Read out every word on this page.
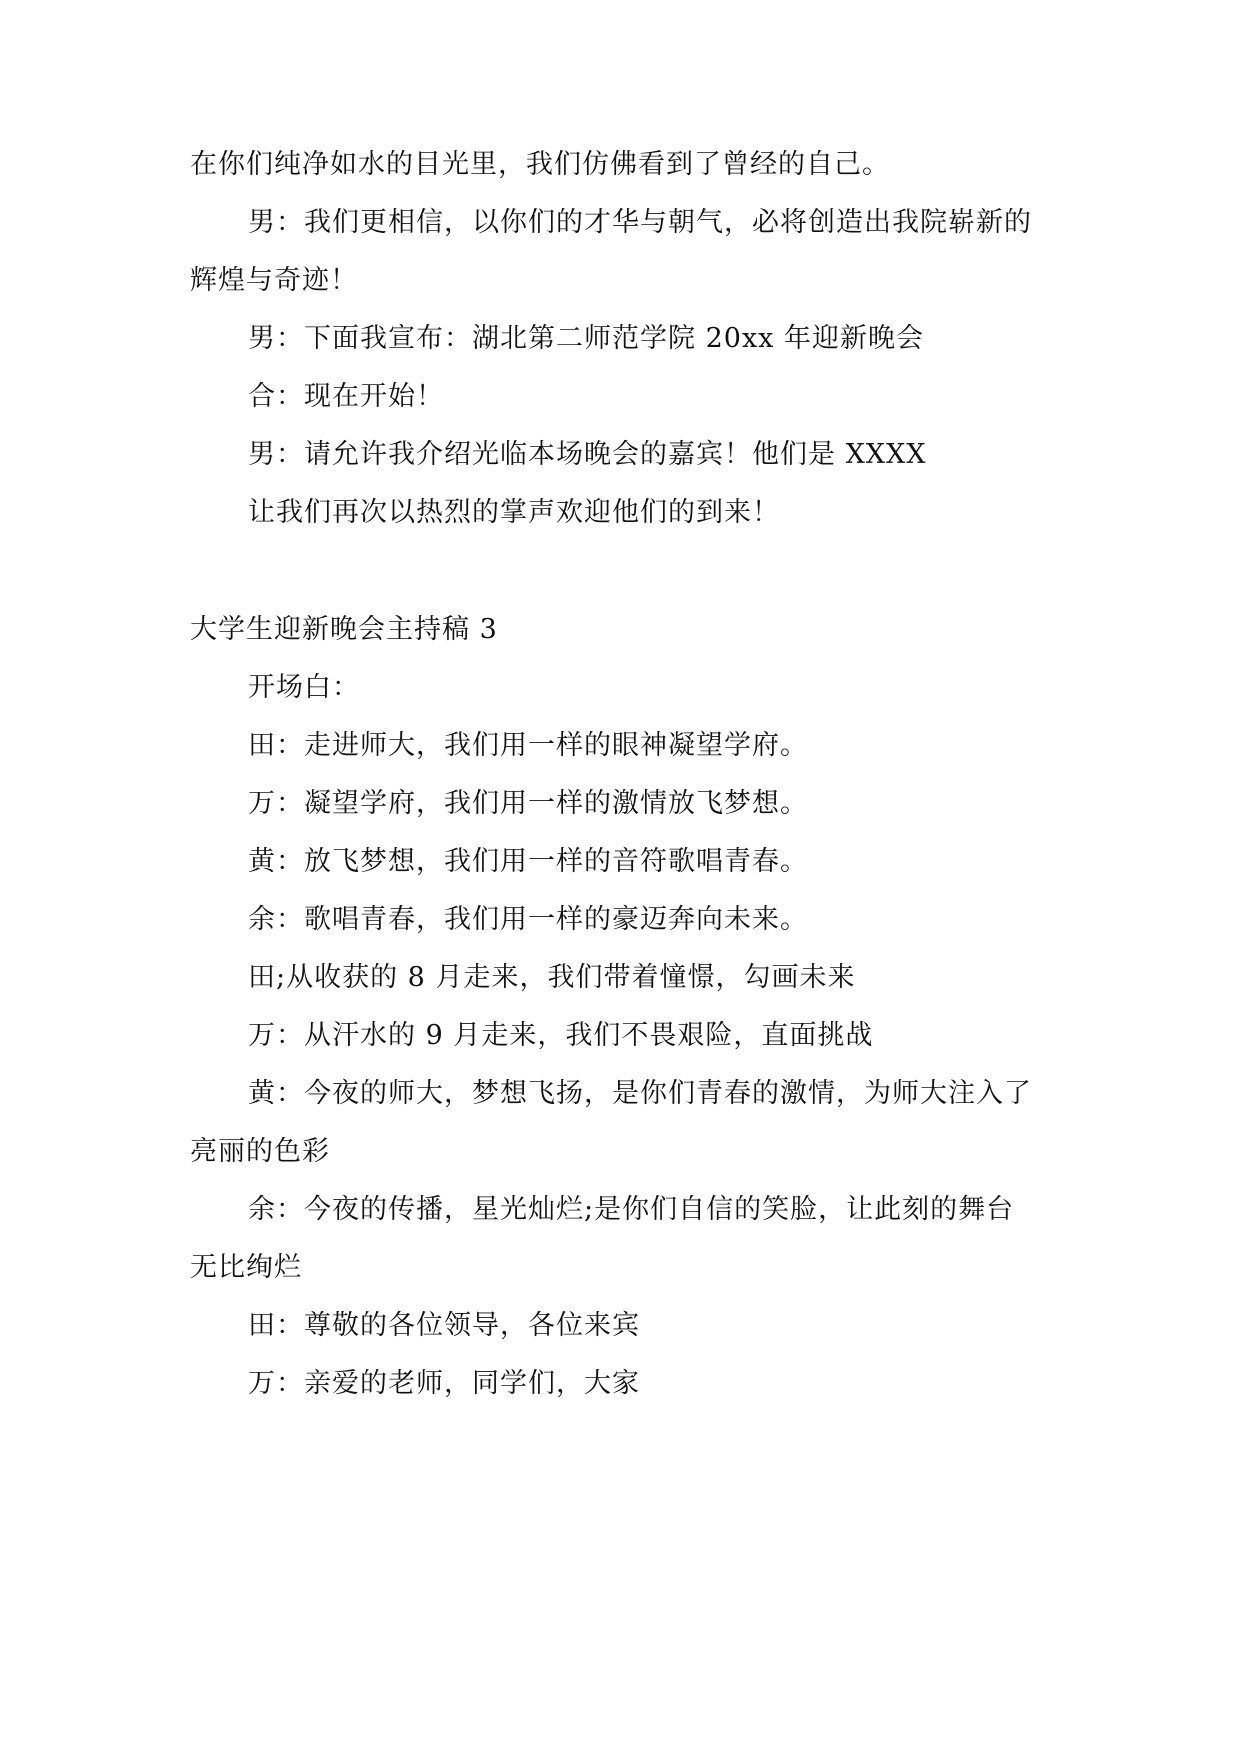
在你们纯净如水的目光里，我们仿佛看到了曾经的自己。
男：我们更相信，以你们的才华与朝气，必将创造出我院崭新的
辉煌与奇迹！
男：下面我宣布：湖北第二师范学院 20xx 年迎新晚会
合：现在开始！
男：请允许我介绍光临本场晚会的嘉宾！他们是 XXXX
让我们再次以热烈的掌声欢迎他们的到来！
大学生迎新晚会主持稿 3
开场白：
田：走进师大，我们用一样的眼神凝望学府。
万：凝望学府，我们用一样的激情放飞梦想。
黄：放飞梦想，我们用一样的音符歌唱青春。
余：歌唱青春，我们用一样的豪迈奔向未来。
田;从收获的 8 月走来，我们带着憧憬，勾画未来
万：从汗水的 9 月走来，我们不畏艰险，直面挑战
黄：今夜的师大，梦想飞扬，是你们青春的激情，为师大注入了
亮丽的色彩
余：今夜的传播，星光灿烂;是你们自信的笑脸，让此刻的舞台
无比绚烂
田：尊敬的各位领导，各位来宾
万：亲爱的老师，同学们，大家
